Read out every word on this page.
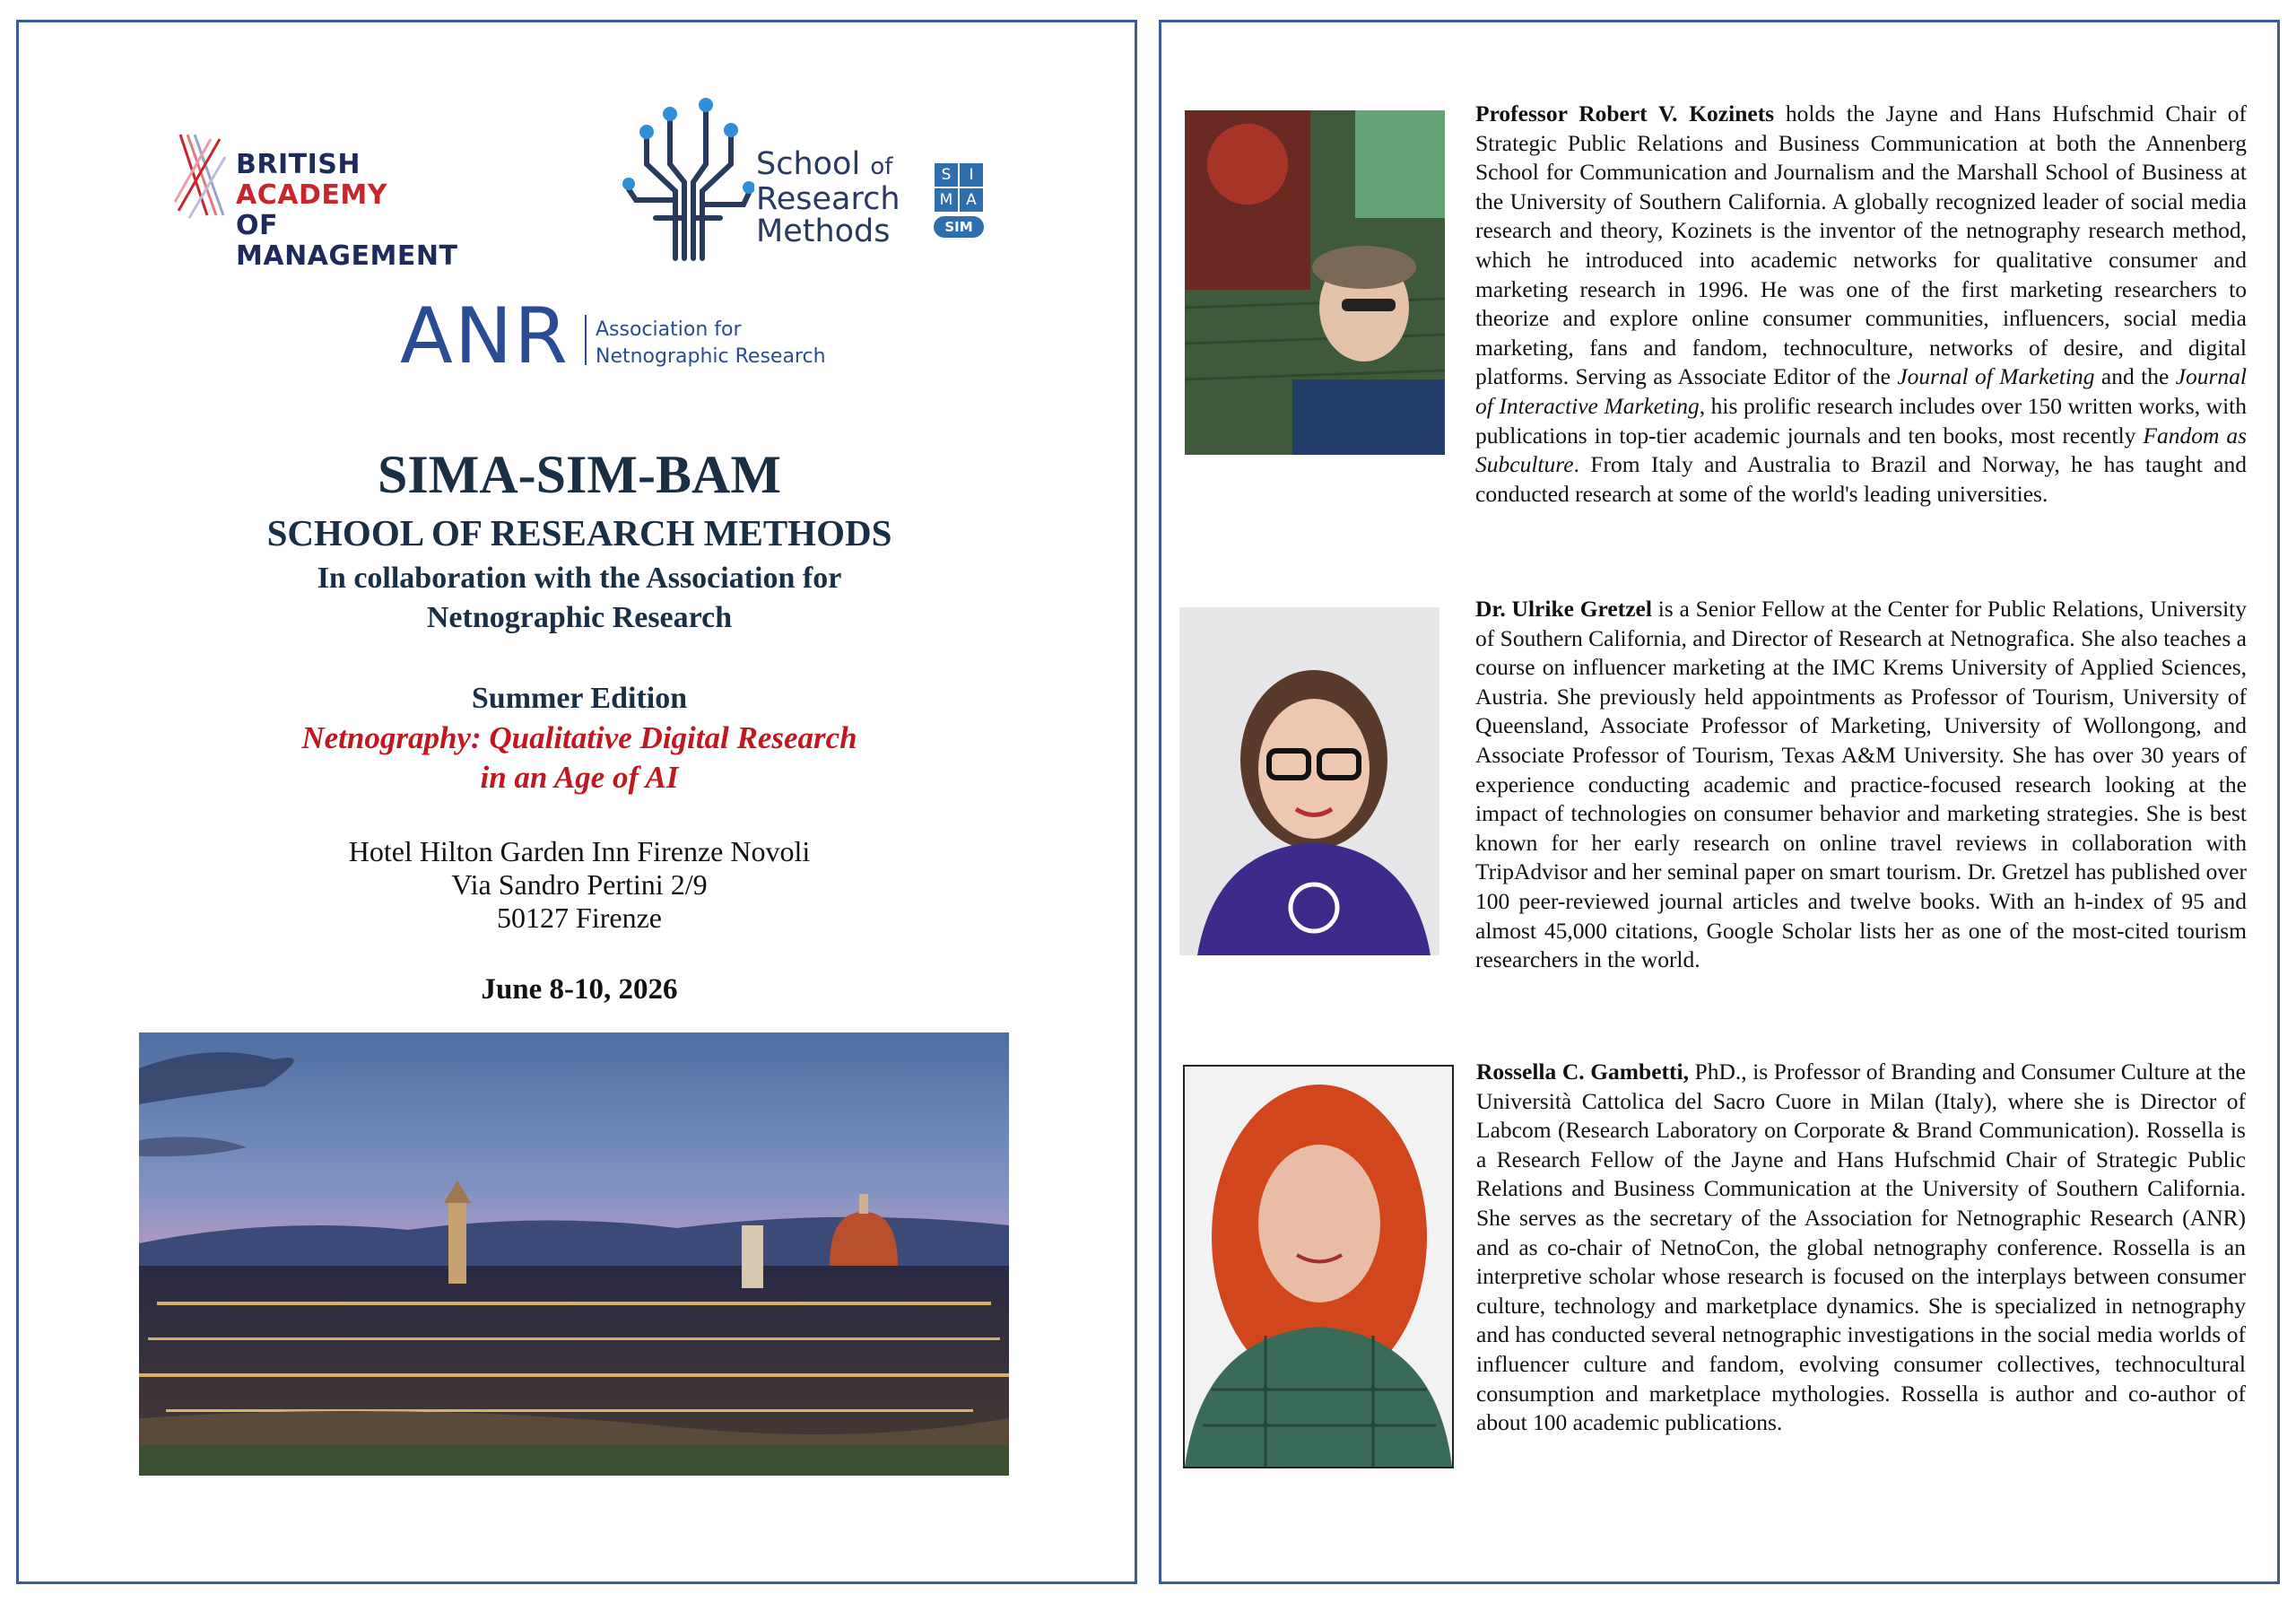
BRITISH ACADEMY
OF MANAGEMENT
School of
Research
Methods
S IM A
SIM
ANR Association for
Netnographic Research
SIMA-SIM-BAM
SCHOOL OF RESEARCH METHODS
In collaboration with the Association for Netnographic Research
Summer Edition
Netnography: Qualitative Digital Research
in an Age of AI
Hotel Hilton Garden Inn Firenze Novoli
Via Sandro Pertini 2/9
50127 Firenze
June 8-10, 2026
Professor Robert V. Kozinets holds the Jayne and Hans Hufschmid Chair of Strategic Public Relations and Business Communication at both the Annenberg School for Communication and Journalism and the Marshall School of Business at the University of Southern California. A globally recognized leader of social media research and theory, Kozinets is the inventor of the netnography research method, which he introduced into academic networks for qualitative consumer and marketing research in 1996. He was one of the first marketing researchers to theorize and explore online consumer communities, influencers, social media marketing, fans and fandom, technoculture, networks of desire, and digital platforms. Serving as Associate Editor of the Journal of Marketing and the Journal of Interactive Marketing, his prolific research includes over 150 written works, with publications in top-tier academic journals and ten books, most recently Fandom as Subculture. From Italy and Australia to Brazil and Norway, he has taught and conducted research at some of the world's leading universities.
Dr. Ulrike Gretzel is a Senior Fellow at the Center for Public Relations, University of Southern California, and Director of Research at Netnografica. She also teaches a course on influencer marketing at the IMC Krems University of Applied Sciences, Austria. She previously held appointments as Professor of Tourism, University of Queensland, Associate Professor of Marketing, University of Wollongong, and Associate Professor of Tourism, Texas A&M University. She has over 30 years of experience conducting academic and practice-focused research looking at the impact of technologies on consumer behavior and marketing strategies. She is best known for her early research on online travel reviews in collaboration with TripAdvisor and her seminal paper on smart tourism. Dr. Gretzel has published over 100 peer-reviewed journal articles and twelve books. With an h-index of 95 and almost 45,000 citations, Google Scholar lists her as one of the most-cited tourism researchers in the world.
Rossella C. Gambetti, PhD., is Professor of Branding and Consumer Culture at the Università Cattolica del Sacro Cuore in Milan (Italy), where she is Director of Labcom (Research Laboratory on Corporate & Brand Communication). Rossella is a Research Fellow of the Jayne and Hans Hufschmid Chair of Strategic Public Relations and Business Communication at the University of Southern California. She serves as the secretary of the Association for Netnographic Research (ANR) and as co-chair of NetnoCon, the global netnography conference. Rossella is an interpretive scholar whose research is focused on the interplays between consumer culture, technology and marketplace dynamics. She is specialized in netnography and has conducted several netnographic investigations in the social media worlds of influencer culture and fandom, evolving consumer collectives, technocultural consumption and marketplace mythologies. Rossella is author and co-author of about 100 academic publications.
